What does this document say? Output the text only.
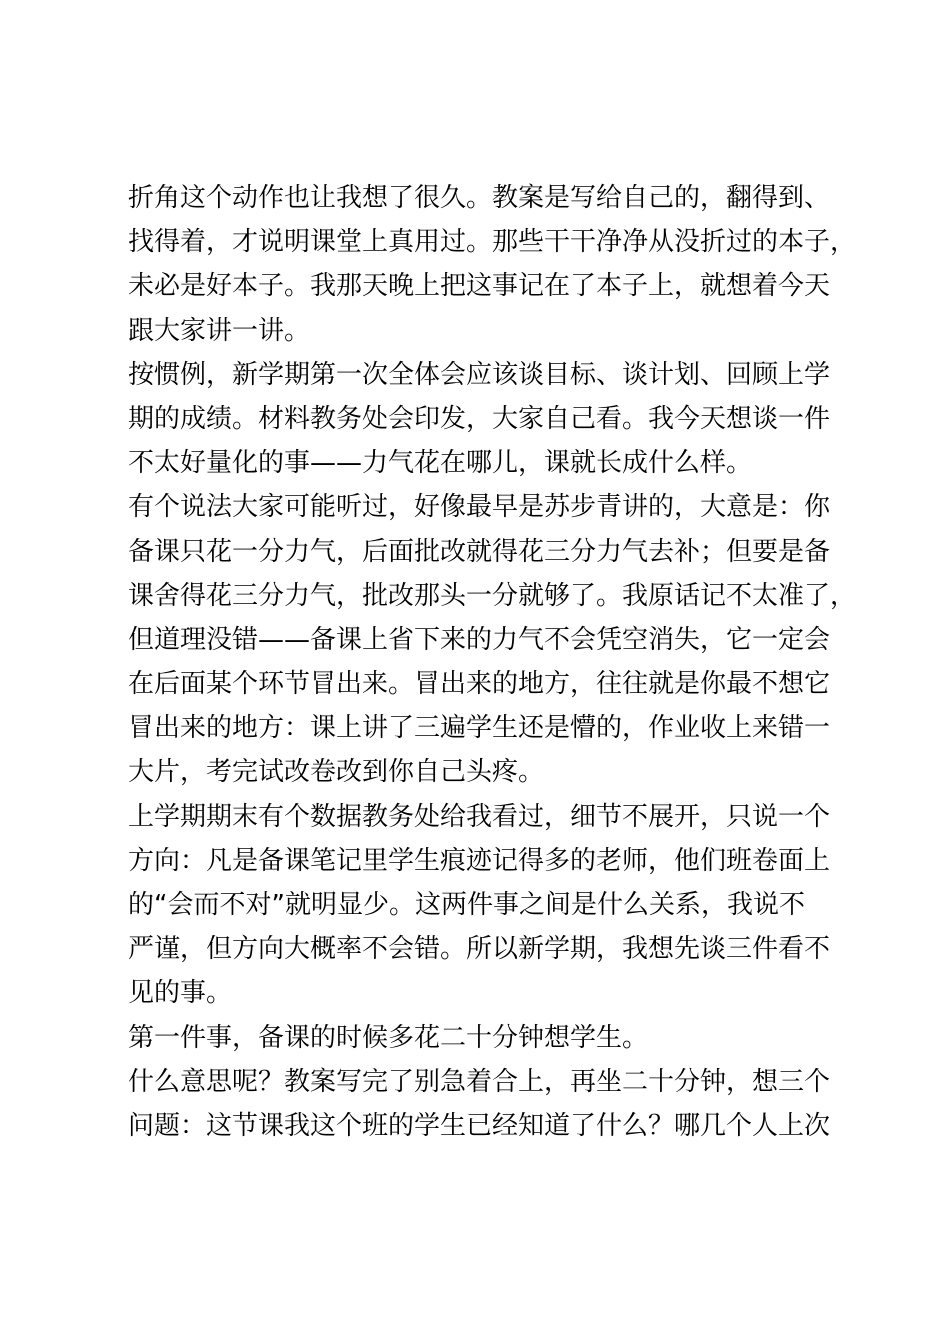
折角这个动作也让我想了很久。教案是写给自己的，翻得到、
找得着，才说明课堂上真用过。那些干干净净从没折过的本子，
未必是好本子。我那天晚上把这事记在了本子上，就想着今天
跟大家讲一讲。
按惯例，新学期第一次全体会应该谈目标、谈计划、回顾上学
期的成绩。材料教务处会印发，大家自己看。我今天想谈一件
不太好量化的事——力气花在哪儿，课就长成什么样。
有个说法大家可能听过，好像最早是苏步青讲的，大意是：你
备课只花一分力气，后面批改就得花三分力气去补；但要是备
课舍得花三分力气，批改那头一分就够了。我原话记不太准了，
但道理没错——备课上省下来的力气不会凭空消失，它一定会
在后面某个环节冒出来。冒出来的地方，往往就是你最不想它
冒出来的地方：课上讲了三遍学生还是懵的，作业收上来错一
大片，考完试改卷改到你自己头疼。
上学期期末有个数据教务处给我看过，细节不展开，只说一个
方向：凡是备课笔记里学生痕迹记得多的老师，他们班卷面上
的“会而不对”就明显少。这两件事之间是什么关系，我说不
严谨，但方向大概率不会错。所以新学期，我想先谈三件看不
见的事。
第一件事，备课的时候多花二十分钟想学生。
什么意思呢？教案写完了别急着合上，再坐二十分钟，想三个
问题：这节课我这个班的学生已经知道了什么？哪几个人上次
